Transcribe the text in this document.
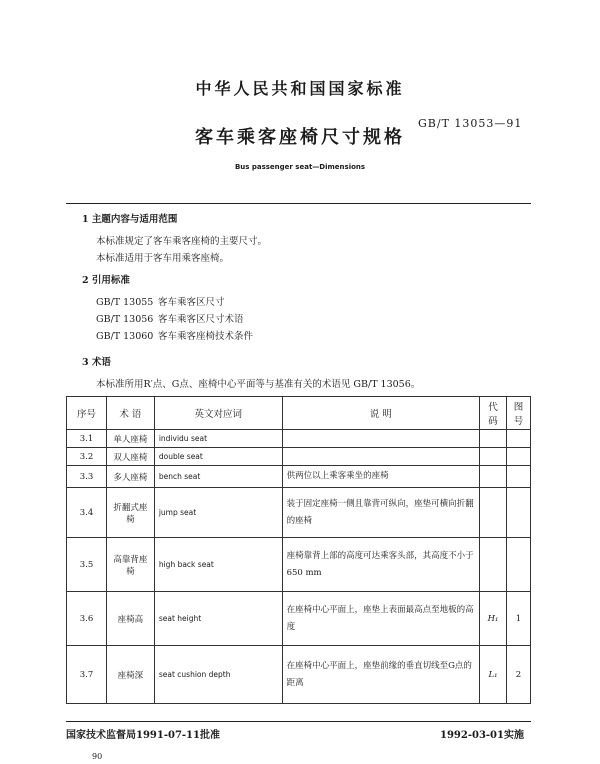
中华人民共和国国家标准
GB/T 13053—91
客车乘客座椅尺寸规格
Bus passenger seat—Dimensions
1 主题内容与适用范围
本标准规定了客车乘客座椅的主要尺寸。
本标准适用于客车用乘客座椅。
2 引用标准
GB/T 13055 客车乘客区尺寸
GB/T 13056 客车乘客区尺寸术语
GB/T 13060 客车乘客座椅技术条件
3 术语
本标准所用R′点、G点、座椅中心平面等与基准有关的术语见 GB/T 13056。
序号	术 语	英文对应词	说 明	代码	图号
3.1	单人座椅	individu seat			
3.2	双人座椅	double seat			
3.3	多人座椅	bench seat	供两位以上乘客乘坐的座椅		
3.4	折翻式座 椅	jump seat	装于固定座椅一侧且靠背可纵向，座垫可横向折翻的座椅		
3.5	高靠背座 椅	high back seat	座椅靠背上部的高度可达乘客头部，其高度不小于 650 mm		
3.6	座椅高	seat height	在座椅中心平面上，座垫上表面最高点至地板的高度	H₁	1
3.7	座椅深	seat cushion depth	在座椅中心平面上，座垫前缘的垂直切线至G点的距离	L₁	2
国家技术监督局1991-07-11批准	1992-03-01实施
90
